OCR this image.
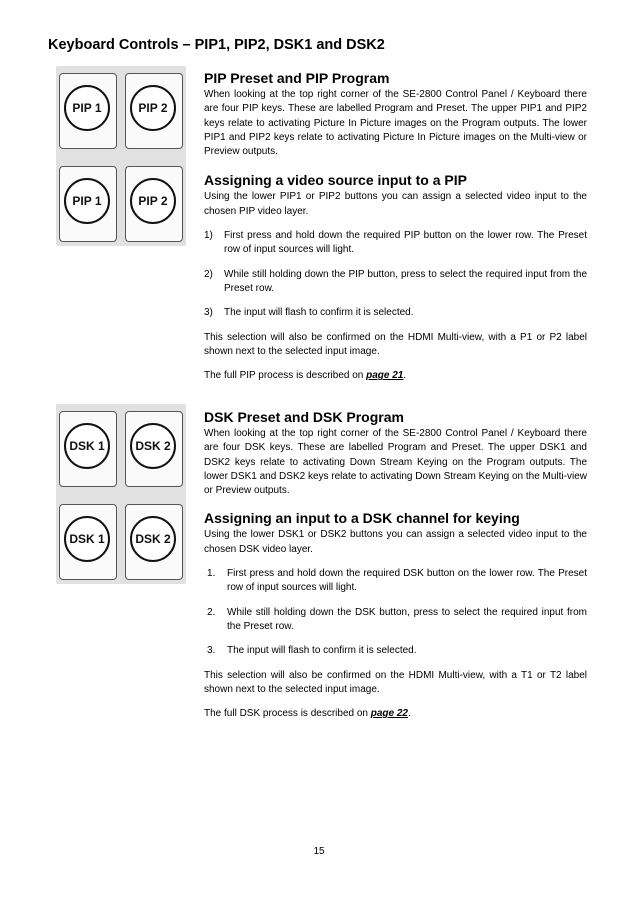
Keyboard Controls – PIP1, PIP2, DSK1 and DSK2
PIP 1	PIP 2
PIP 1	PIP 2
PIP Preset and PIP Program

When looking at the top right corner of the SE-2800 Control Panel / Keyboard there are four PIP keys. These are labelled Program and Preset. The upper PIP1 and PIP2 keys relate to activating Picture In Picture images on the Program outputs. The lower PIP1 and PIP2 keys relate to activating Picture In Picture images on the Multi-view or Preview outputs.

Assigning a video source input to a PIP

Using the lower PIP1 or PIP2 buttons you can assign a selected video input to the chosen PIP video layer.

1) First press and hold down the required PIP button on the lower row. The Preset row of input sources will light.
2) While still holding down the PIP button, press to select the required input from the Preset row.
3) The input will flash to confirm it is selected.

This selection will also be confirmed on the HDMI Multi-view, with a P1 or P2 label shown next to the selected input image.

The full PIP process is described on page 21.

DSK 1	DSK 2
DSK 1	DSK 2
DSK Preset and DSK Program

When looking at the top right corner of the SE-2800 Control Panel / Keyboard there are four DSK keys. These are labelled Program and Preset. The upper DSK1 and DSK2 keys relate to activating Down Stream Keying on the Program outputs. The lower DSK1 and DSK2 keys relate to activating Down Stream Keying on the Multi-view or Preview outputs.

Assigning an input to a DSK channel for keying

Using the lower DSK1 or DSK2 buttons you can assign a selected video input to the chosen DSK video layer.

1. First press and hold down the required DSK button on the lower row. The Preset row of input sources will light.
2. While still holding down the DSK button, press to select the required input from the Preset row.
3. The input will flash to confirm it is selected.

This selection will also be confirmed on the HDMI Multi-view, with a T1 or T2 label shown next to the selected input image.

The full DSK process is described on page 22.

15
